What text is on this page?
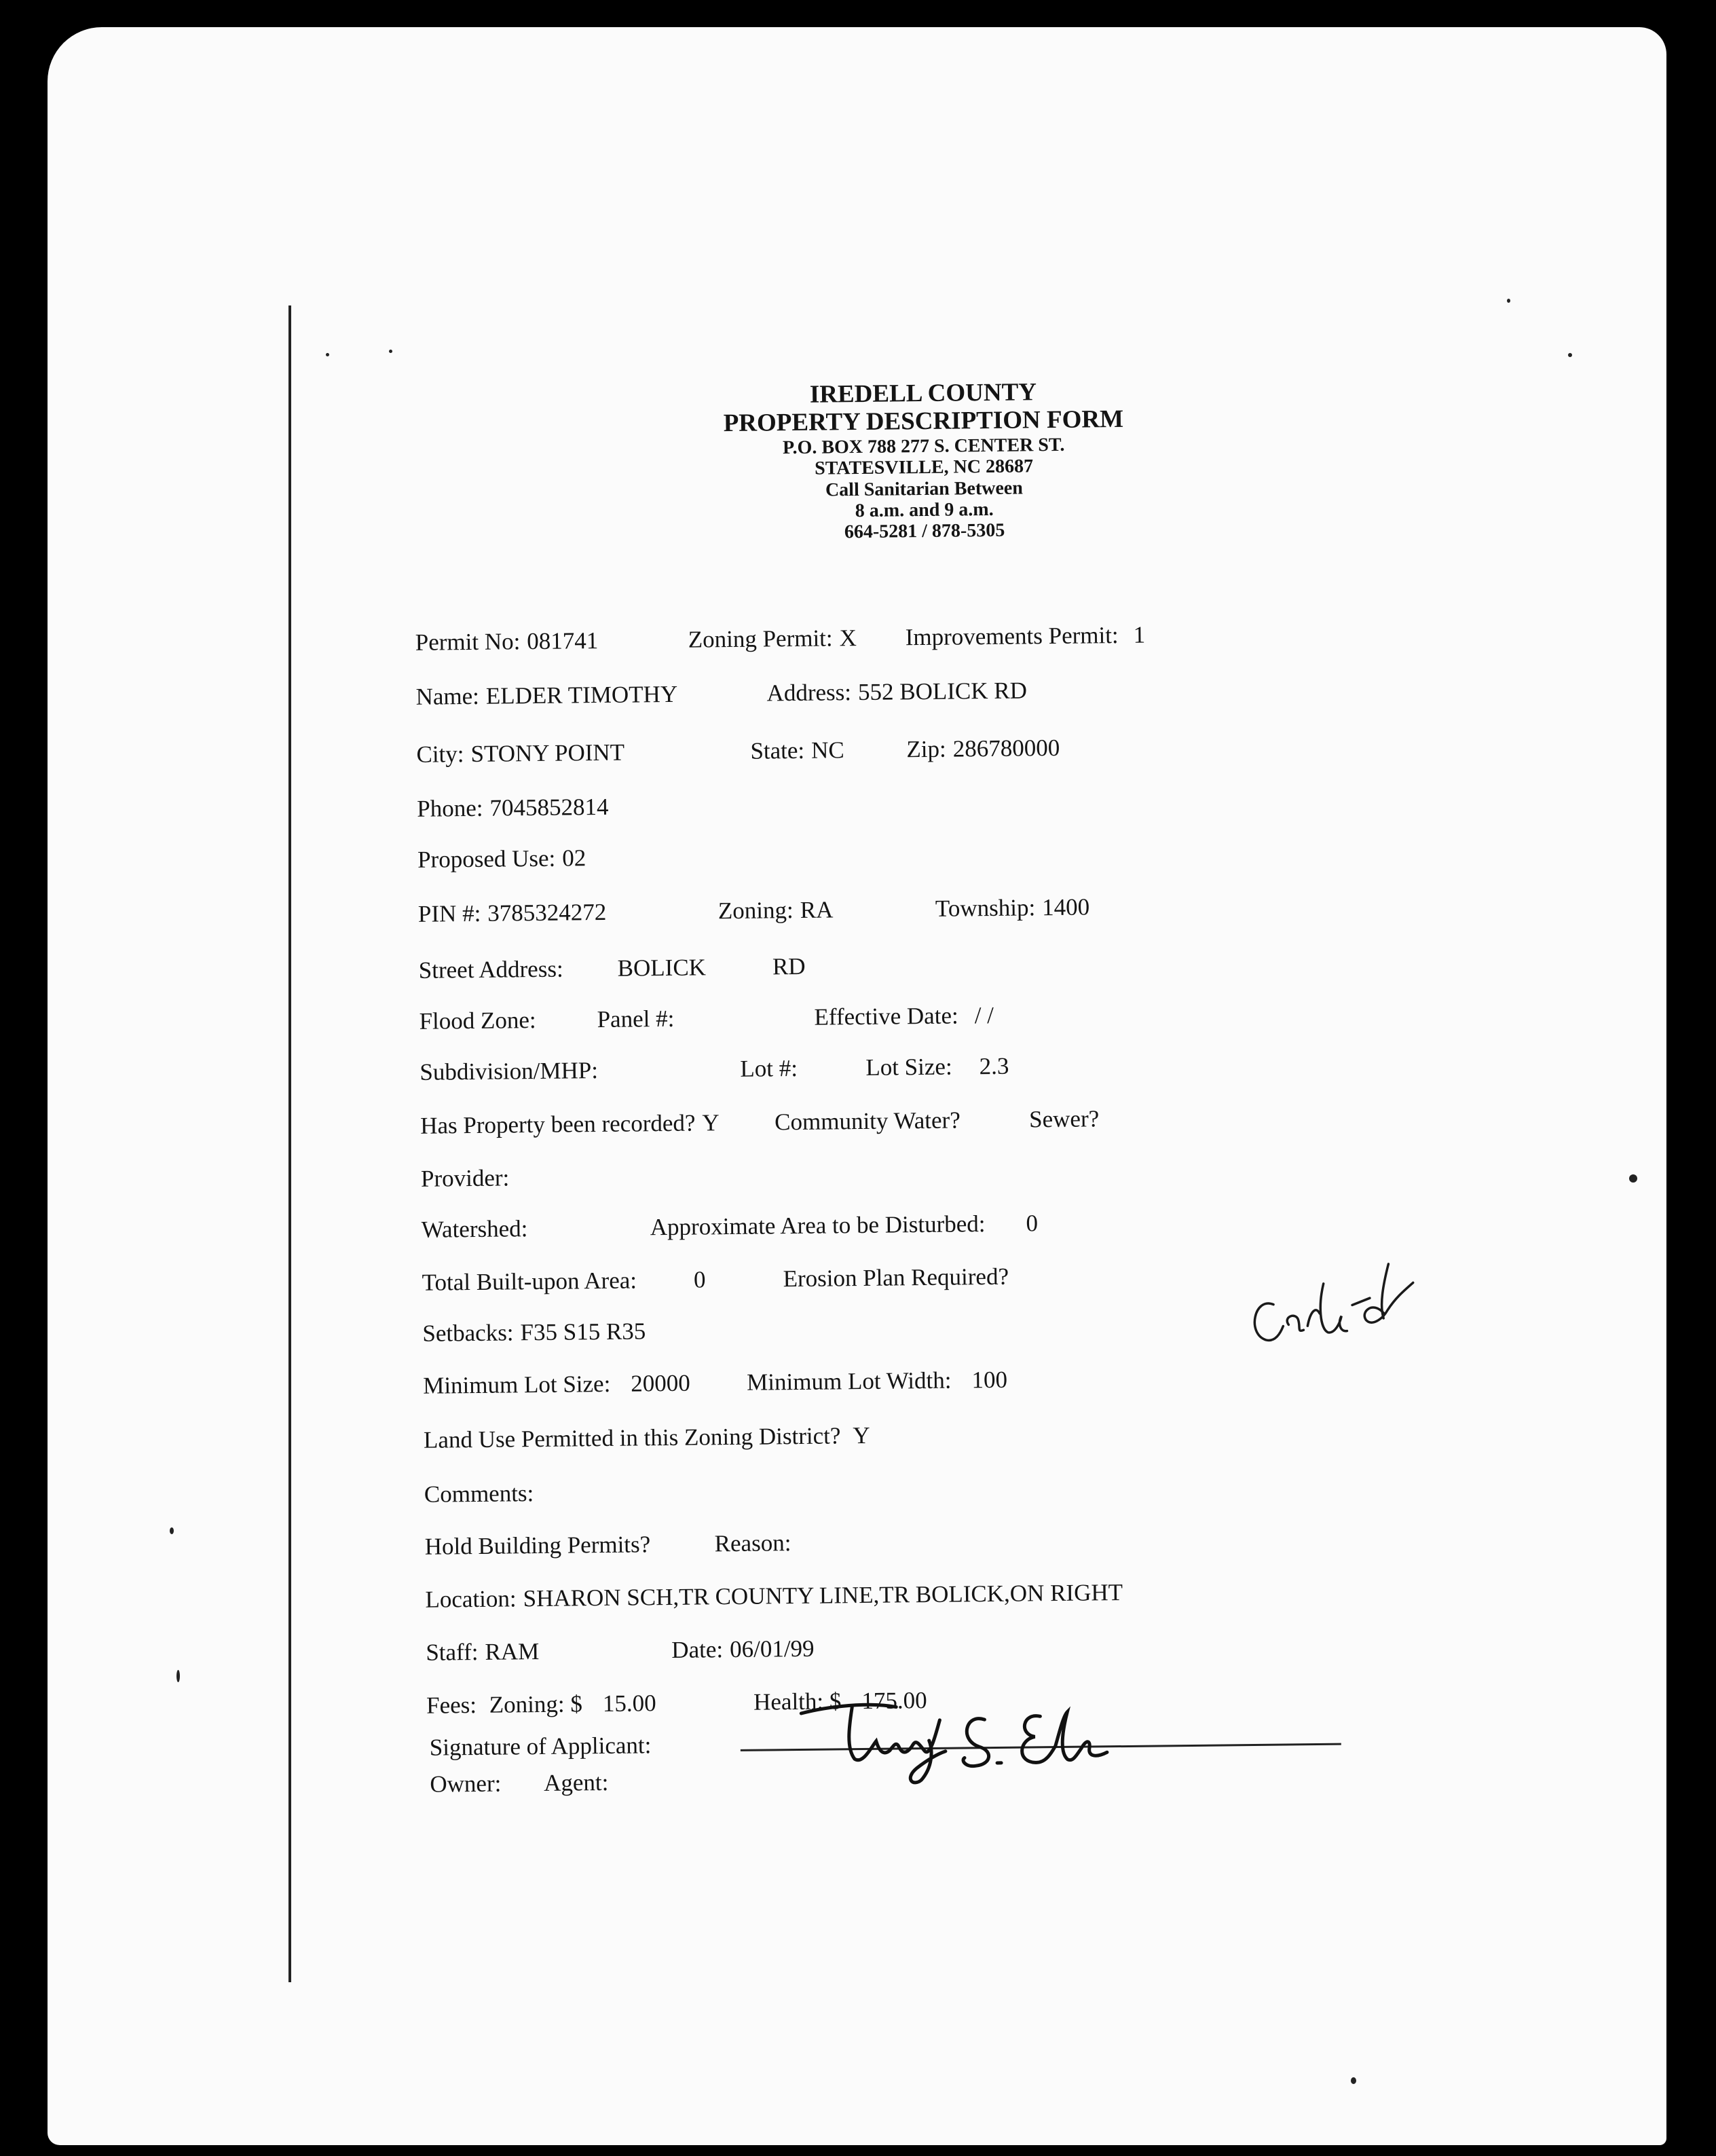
IREDELL COUNTY
PROPERTY DESCRIPTION FORM
P.O. BOX 788 277 S. CENTER ST.
STATESVILLE, NC 28687
Call Sanitarian Between
8 a.m. and 9 a.m.
664-5281 / 878-5305
Permit No: 081741	Zoning Permit: X Improvements Permit: 1
Name: ELDER TIMOTHY	Address: 552 BOLICK RD
City: STONY POINT	State: NC	Zip: 286780000
Phone: 7045852814
Proposed Use: 02
PIN #: 3785324272	Zoning: RA	Township: 1400
Street Address: BOLICK	RD
Flood Zone:	Panel #:	Effective Date: / /
Subdivision/MHP:	Lot #:	Lot Size: 2.3
Has Property been recorded? Y Community Water?	Sewer?
Provider:
Watershed:	Approximate Area to be Disturbed: 0
Total Built-upon Area: 0	Erosion Plan Required?
Setbacks: F35 S15 R35
Minimum Lot Size: 20000 Minimum Lot Width: 100
Land Use Permitted in this Zoning District? Y
Comments:
Hold Building Permits?	Reason:
Location: SHARON SCH,TR COUNTY LINE,TR BOLICK,ON RIGHT
Staff: RAM	Date: 06/01/99
Fees: Zoning: $ 15.00	Health: $ 175.00
Signature of Applicant:
Owner: Agent:
